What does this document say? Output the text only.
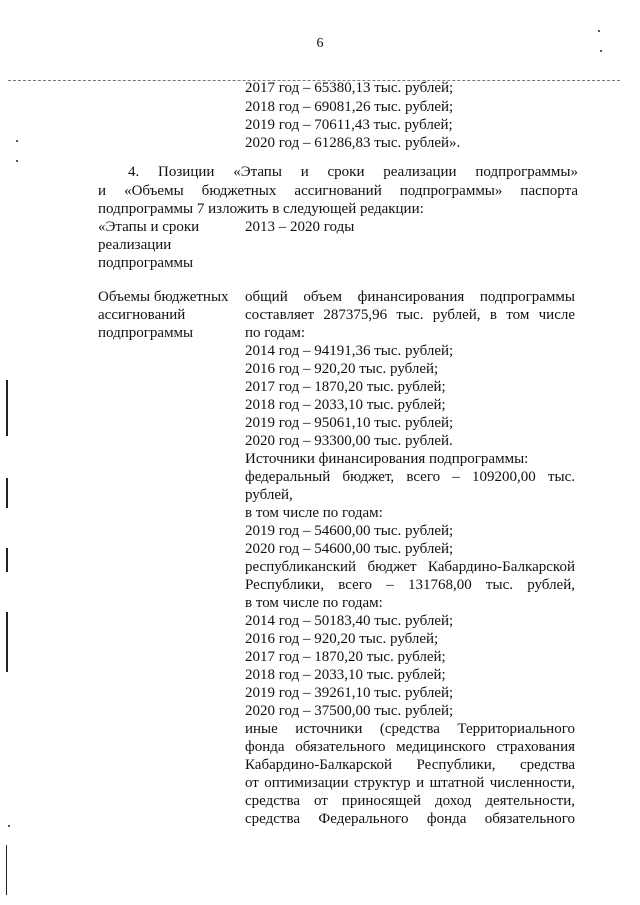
6
2017 год – 65380,13 тыс. рублей;
2018 год – 69081,26 тыс. рублей;
2019 год – 70611,43 тыс. рублей;
2020 год – 61286,83 тыс. рублей».
4. Позиции «Этапы и сроки реализации подпрограммы»
и «Объемы бюджетных ассигнований подпрограммы» паспорта
подпрограммы 7 изложить в следующей редакции:
«Этапы и сроки
реализации
подпрограммы
2013 – 2020 годы
Объемы бюджетных
ассигнований
подпрограммы
общий объем финансирования подпрограммы
составляет 287375,96 тыс. рублей, в том числе
по годам:
2014 год – 94191,36 тыс. рублей;
2016 год – 920,20 тыс. рублей;
2017 год – 1870,20 тыс. рублей;
2018 год – 2033,10 тыс. рублей;
2019 год – 95061,10 тыс. рублей;
2020 год – 93300,00 тыс. рублей.
Источники финансирования подпрограммы:
федеральный бюджет, всего – 109200,00 тыс.
рублей,
в том чиcле по годам:
2019 год – 54600,00 тыс. рублей;
2020 год – 54600,00 тыс. рублей;
республиканский бюджет Кабардино-Балкарской
Республики, всего – 131768,00 тыс. рублей,
в том числе по годам:
2014 год – 50183,40 тыс. рублей;
2016 год – 920,20 тыс. рублей;
2017 год – 1870,20 тыс. рублей;
2018 год – 2033,10 тыс. рублей;
2019 год – 39261,10 тыс. рублей;
2020 год – 37500,00 тыс. рублей;
иные источники (средства Территориального
фонда обязательного медицинского страхования
Кабардино-Балкарской Республики, средства
от оптимизации структур и штатной численности,
средства от приносящей доход деятельности,
средства Федерального фонда обязательного
